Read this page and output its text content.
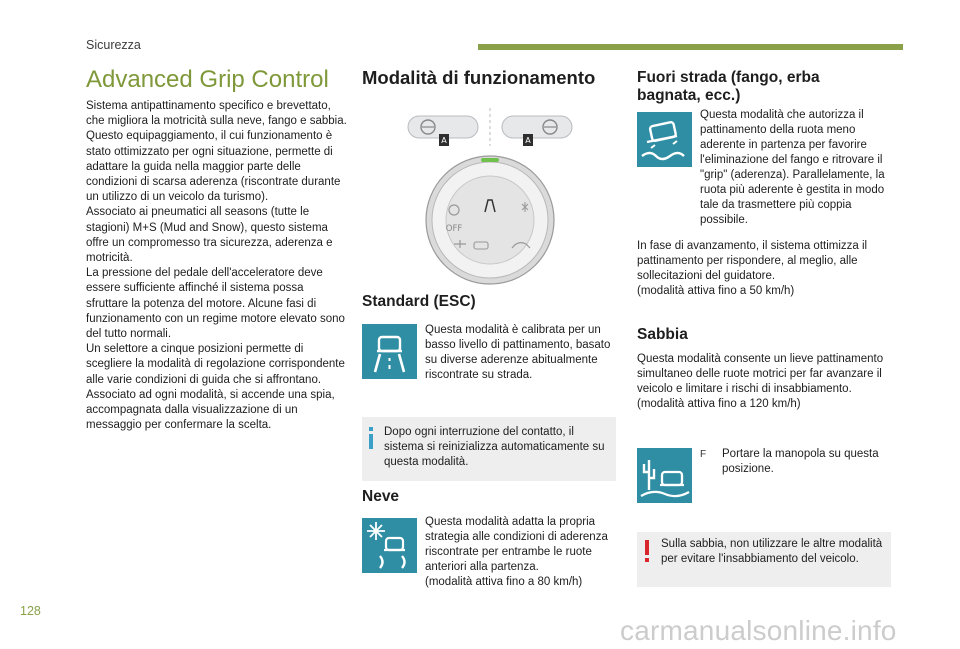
Sicurezza
Advanced Grip Control

Sistema antipattinamento specifico e brevettato, che migliora la motricità sulla neve, fango e sabbia.

Questo equipaggiamento, il cui funzionamento è stato ottimizzato per ogni situazione, permette di adattare la guida nella maggior parte delle condizioni di scarsa aderenza (riscontrate durante un utilizzo di un veicolo da turismo).

Associato ai pneumatici all seasons (tutte le stagioni) M+S (Mud and Snow), questo sistema offre un compromesso tra sicurezza, aderenza e motricità.

La pressione del pedale dell'acceleratore deve essere sufficiente affinché il sistema possa sfruttare la potenza del motore. Alcune fasi di funzionamento con un regime motore elevato sono del tutto normali.

Un selettore a cinque posizioni permette di scegliere la modalità di regolazione corrispondente alle varie condizioni di guida che si affrontano.

Associato ad ogni modalità, si accende una spia, accompagnata dalla visualizzazione di un messaggio per confermare la scelta.

Modalità di funzionamento
A	A
OFF
Standard (ESC)
Questa modalità è calibrata per un basso livello di pattinamento, basato su diverse aderenze abitualmente riscontrate su strada.
Dopo ogni interruzione del contatto, il sistema si reinizializza automaticamente su questa modalità.
Neve
Questa modalità adatta la propria strategia alle condizioni di aderenza riscontrate per entrambe le ruote anteriori alla partenza.
(modalità attiva fino a 80 km/h)
Fuori strada (fango, erba bagnata, ecc.)
Questa modalità che autorizza il pattinamento della ruota meno aderente in partenza per favorire l'eliminazione del fango e ritrovare il "grip" (aderenza). Parallelamente, la ruota più aderente è gestita in modo tale da trasmettere più coppia possibile.
In fase di avanzamento, il sistema ottimizza il pattinamento per rispondere, al meglio, alle sollecitazioni del guidatore.
(modalità attiva fino a 50 km/h)
Sabbia
Questa modalità consente un lieve pattinamento simultaneo delle ruote motrici per far avanzare il veicolo e limitare i rischi di insabbiamento.
(modalità attiva fino a 120 km/h)
F	Portare la manopola su questa posizione.
Sulla sabbia, non utilizzare le altre modalità per evitare l'insabbiamento del veicolo.
128
carmanualsonline.info
